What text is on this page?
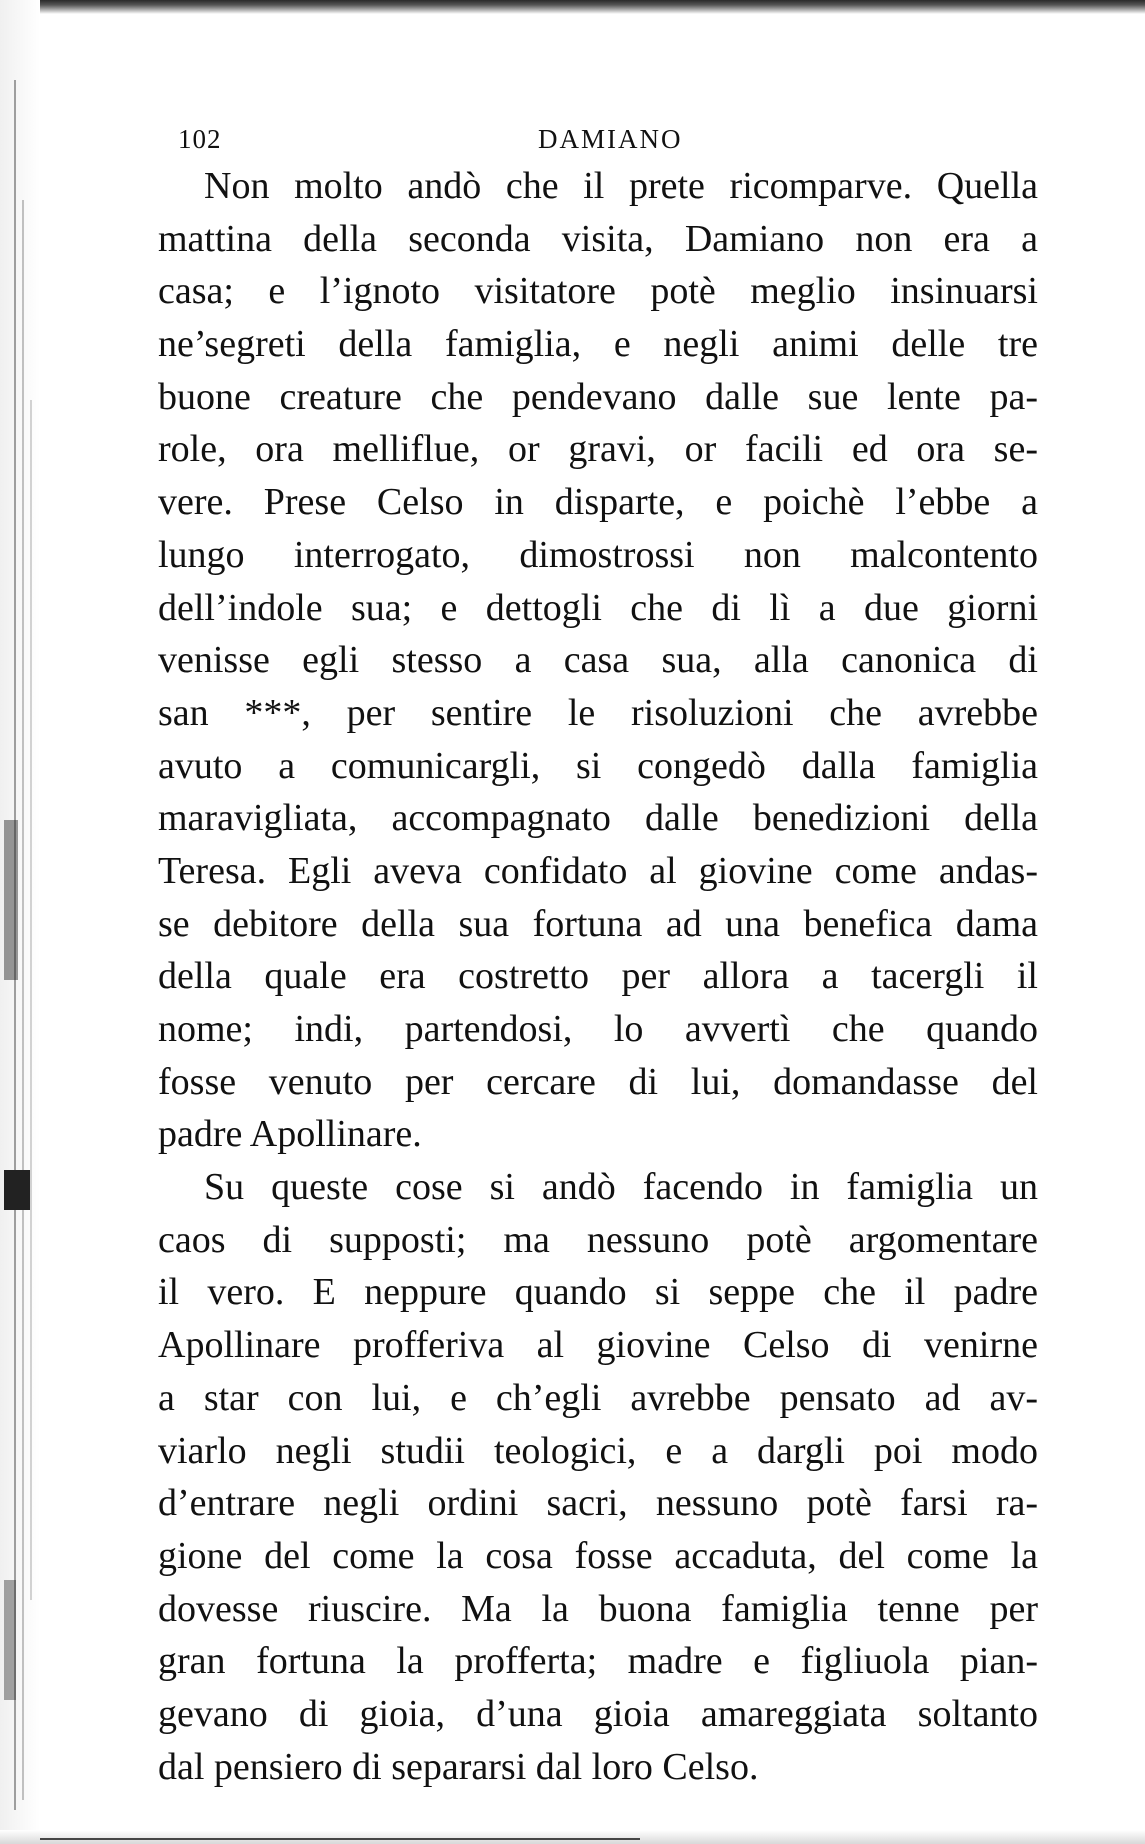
102	DAMIANO
Non molto andò che il prete ricomparve. Quella
mattina della seconda visita, Damiano non era a
casa; e l’ignoto visitatore potè meglio insinuarsi
ne’segreti della famiglia, e negli animi delle tre
buone creature che pendevano dalle sue lente pa-
role, ora melliflue, or gravi, or facili ed ora se-
vere. Prese Celso in disparte, e poichè l’ebbe a
lungo interrogato, dimostrossi non malcontento
dell’indole sua; e dettogli che di lì a due giorni
venisse egli stesso a casa sua, alla canonica di
san ***, per sentire le risoluzioni che avrebbe
avuto a comunicargli, si congedò dalla famiglia
maravigliata, accompagnato dalle benedizioni della
Teresa. Egli aveva confidato al giovine come andas-
se debitore della sua fortuna ad una benefica dama
della quale era costretto per allora a tacergli il
nome; indi, partendosi, lo avvertì che quando
fosse venuto per cercare di lui, domandasse del
padre Apollinare.
Su queste cose si andò facendo in famiglia un
caos di supposti; ma nessuno potè argomentare
il vero. E neppure quando si seppe che il padre
Apollinare profferiva al giovine Celso di venirne
a star con lui, e ch’egli avrebbe pensato ad av-
viarlo negli studii teologici, e a dargli poi modo
d’entrare negli ordini sacri, nessuno potè farsi ra-
gione del come la cosa fosse accaduta, del come la
dovesse riuscire. Ma la buona famiglia tenne per
gran fortuna la profferta; madre e figliuola pian-
gevano di gioia, d’una gioia amareggiata soltanto
dal pensiero di separarsi dal loro Celso.
